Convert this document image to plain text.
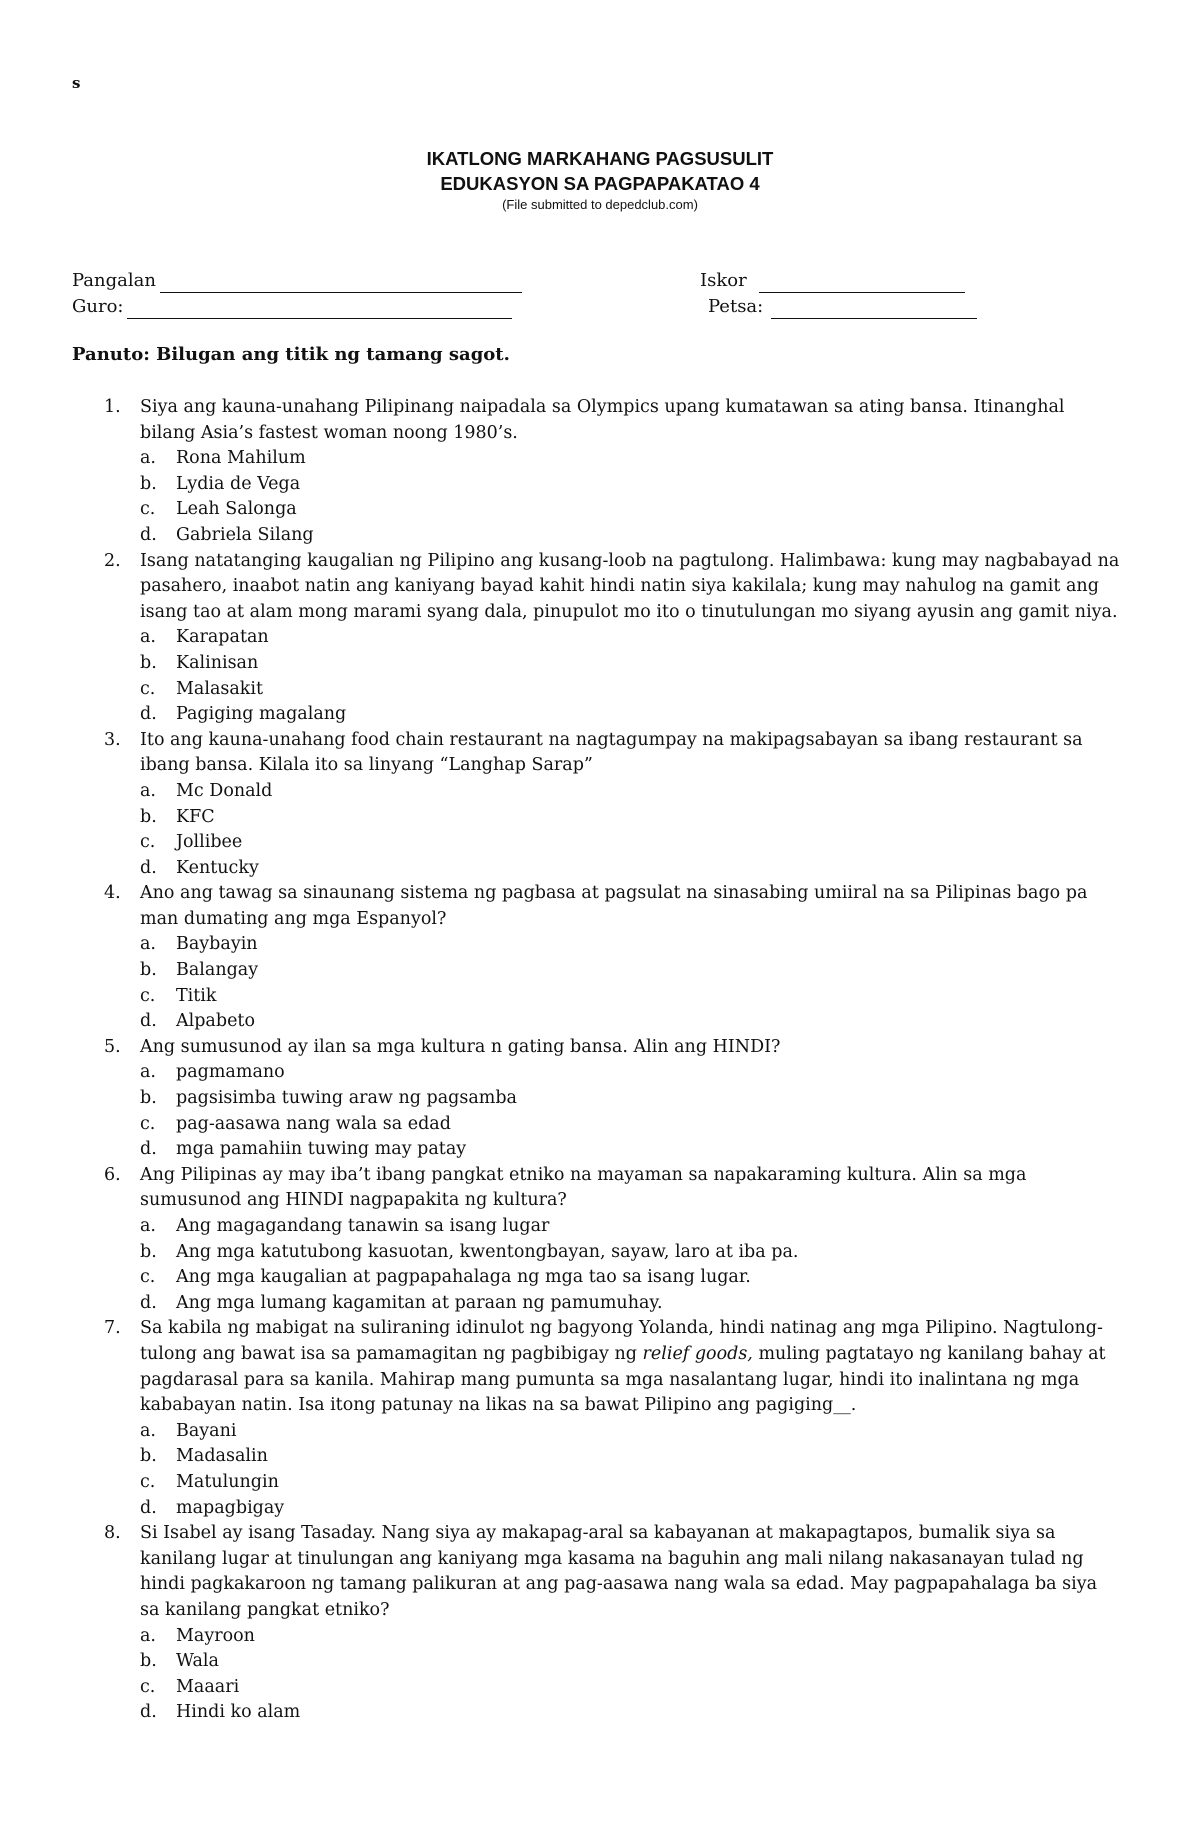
s
IKATLONG MARKAHANG PAGSUSULIT
EDUKASYON SA PAGPAPAKATAO 4
(File submitted to depedclub.com)
Pangalan	Iskor
Guro:	Petsa:
Panuto: Bilugan ang titik ng tamang sagot.
1. Siya ang kauna-unahang Pilipinang naipadala sa Olympics upang kumatawan sa ating bansa. Itinanghal bilang Asia’s fastest woman noong 1980’s.
a. Rona Mahilum
b. Lydia de Vega
c. Leah Salonga
d. Gabriela Silang
2. Isang natatanging kaugalian ng Pilipino ang kusang-loob na pagtulong. Halimbawa: kung may nagbabayad na pasahero, inaabot natin ang kaniyang bayad kahit hindi natin siya kakilala; kung may nahulog na gamit ang isang tao at alam mong marami syang dala, pinupulot mo ito o tinutulungan mo siyang ayusin ang gamit niya.
a. Karapatan
b. Kalinisan
c. Malasakit
d. Pagiging magalang
3. Ito ang kauna-unahang food chain restaurant na nagtagumpay na makipagsabayan sa ibang restaurant sa ibang bansa. Kilala ito sa linyang “Langhap Sarap”
a. Mc Donald
b. KFC
c. Jollibee
d. Kentucky
4. Ano ang tawag sa sinaunang sistema ng pagbasa at pagsulat na sinasabing umiiral na sa Pilipinas bago pa man dumating ang mga Espanyol?
a. Baybayin
b. Balangay
c. Titik
d. Alpabeto
5. Ang sumusunod ay ilan sa mga kultura n gating bansa. Alin ang HINDI?
a. pagmamano
b. pagsisimba tuwing araw ng pagsamba
c. pag-aasawa nang wala sa edad
d. mga pamahiin tuwing may patay
6. Ang Pilipinas ay may iba’t ibang pangkat etniko na mayaman sa napakaraming kultura. Alin sa mga sumusunod ang HINDI nagpapakita ng kultura?
a. Ang magagandang tanawin sa isang lugar
b. Ang mga katutubong kasuotan, kwentongbayan, sayaw, laro at iba pa.
c. Ang mga kaugalian at pagpapahalaga ng mga tao sa isang lugar.
d. Ang mga lumang kagamitan at paraan ng pamumuhay.
7. Sa kabila ng mabigat na suliraning idinulot ng bagyong Yolanda, hindi natinag ang mga Pilipino. Nagtulong-tulong ang bawat isa sa pamamagitan ng pagbibigay ng relief goods, muling pagtatayo ng kanilang bahay at pagdarasal para sa kanila. Mahirap mang pumunta sa mga nasalantang lugar, hindi ito inalintana ng mga kababayan natin. Isa itong patunay na likas na sa bawat Pilipino ang pagiging__.
a. Bayani
b. Madasalin
c. Matulungin
d. mapagbigay
8. Si Isabel ay isang Tasaday. Nang siya ay makapag-aral sa kabayanan at makapagtapos, bumalik siya sa kanilang lugar at tinulungan ang kaniyang mga kasama na baguhin ang mali nilang nakasanayan tulad ng hindi pagkakaroon ng tamang palikuran at ang pag-aasawa nang wala sa edad. May pagpapahalaga ba siya sa kanilang pangkat etniko?
a. Mayroon
b. Wala
c. Maaari
d. Hindi ko alam
